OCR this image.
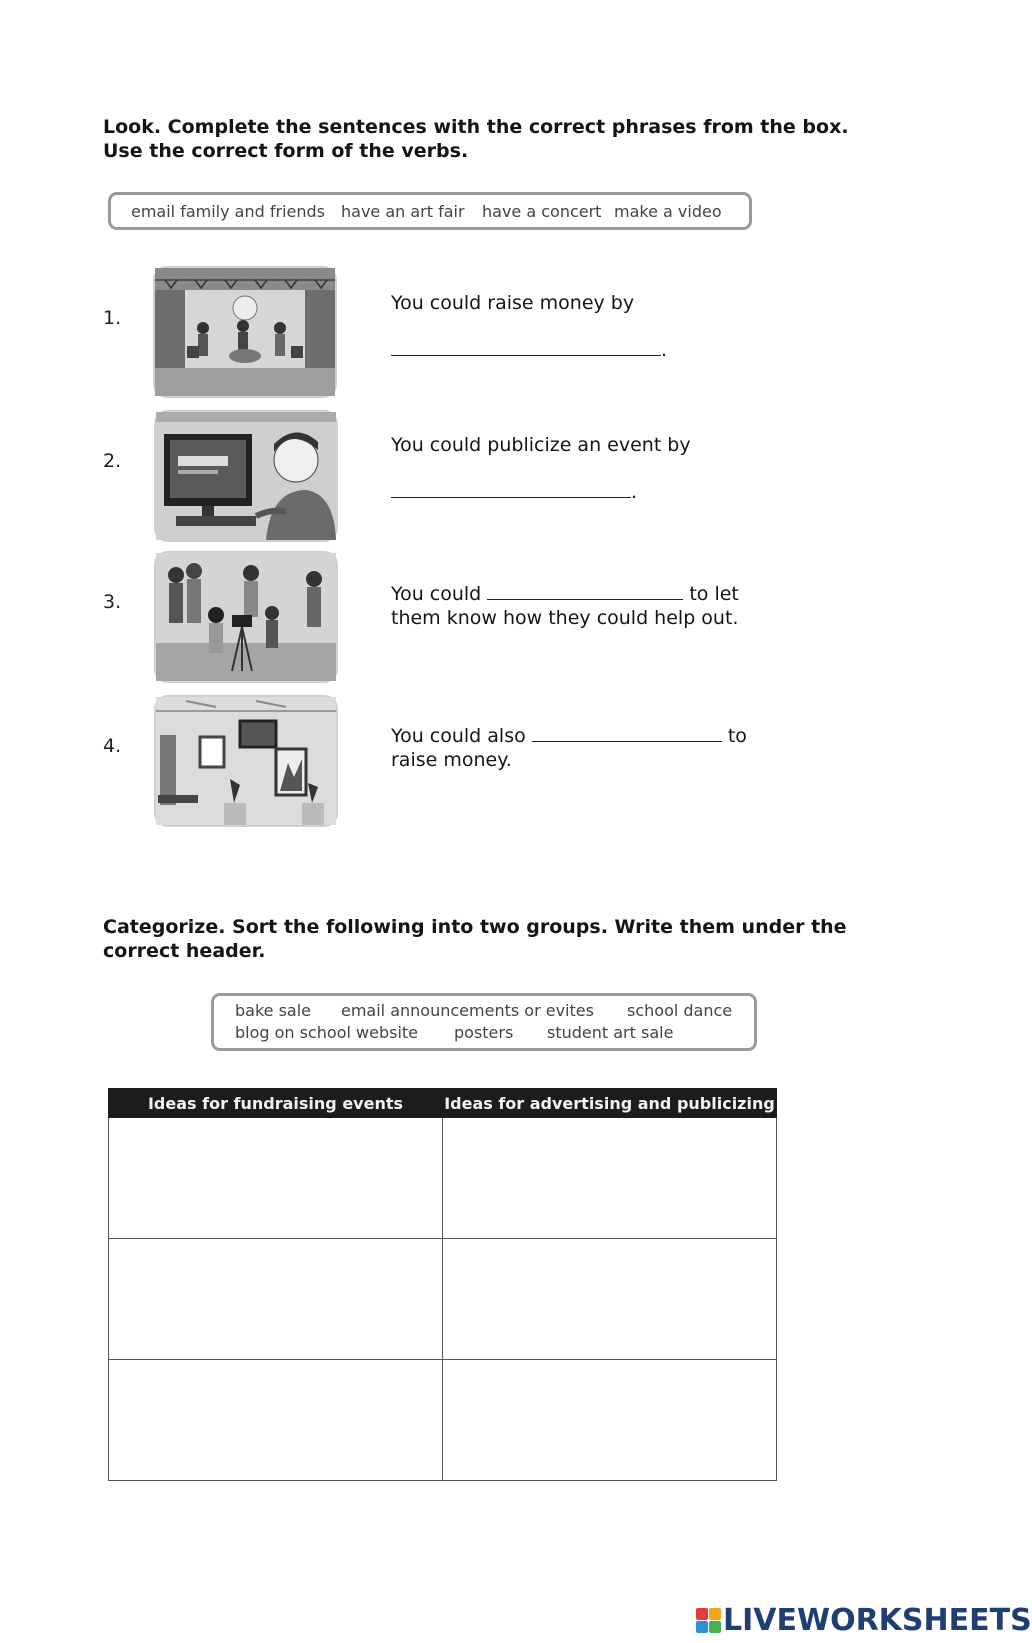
Look. Complete the sentences with the correct phrases from the box. Use the correct form of the verbs.
email family and friends have an art fair have a concert make a video
1.
You could raise money by

.
2.
You could publicize an event by

.
3.	You could	to let
them know how they could help out.
4.	You could also	to
raise money.
Categorize. Sort the following into two groups. Write them under the correct header.
bake sale email announcements or evites school dance
blog on school website posters student art sale
Ideas for fundraising events	Ideas for advertising and publicizing

LIVEWORKSHEETS
